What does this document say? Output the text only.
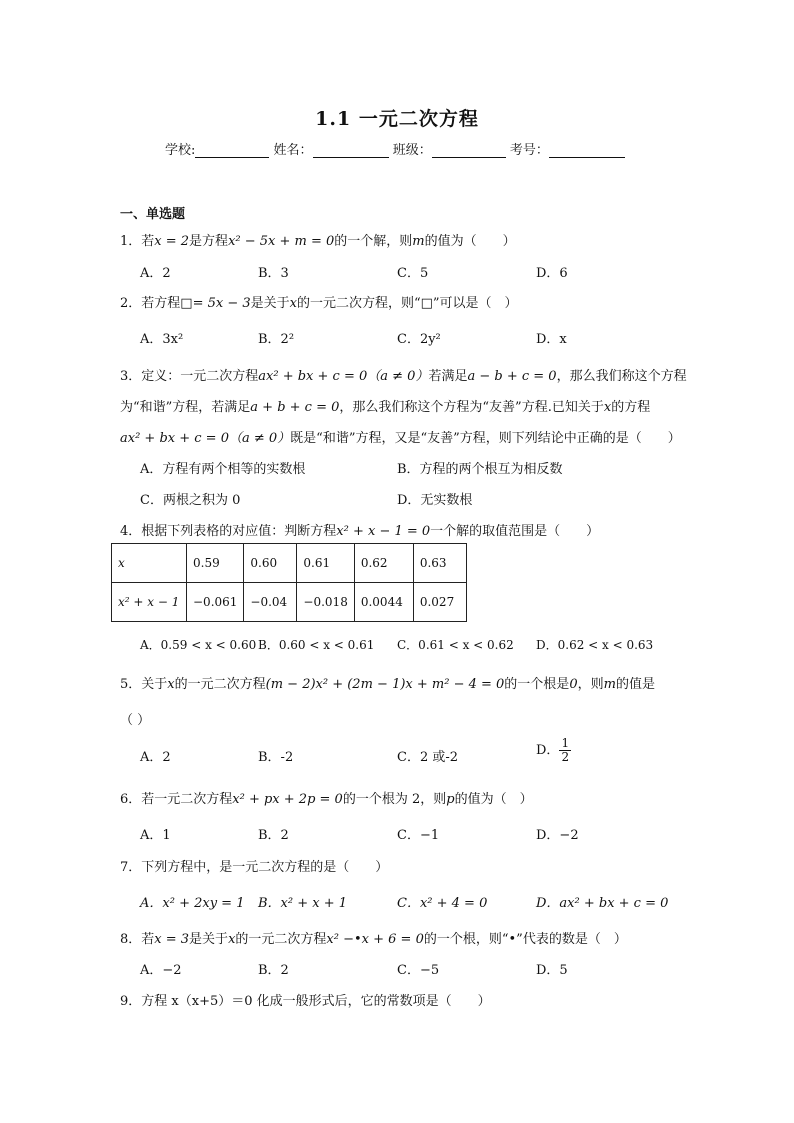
1.1 一元二次方程
学校:	姓名：	班级：	考号：
一、单选题
1．若x = 2是方程x² − 5x + m = 0的一个解，则m的值为（　　）
A．2	B．3	C．5	D．6
2．若方程□= 5x − 3是关于x的一元二次方程，则“□”可以是（　）
A．3x²	B．2²	C．2y²	D．x
3．定义：一元二次方程ax² + bx + c = 0（a ≠ 0）若满足a − b + c = 0，那么我们称这个方程
为“和谐”方程，若满足a + b + c = 0，那么我们称这个方程为“友善”方程.已知关于x的方程
ax² + bx + c = 0（a ≠ 0）既是“和谐”方程，又是“友善”方程，则下列结论中正确的是（　　）
A．方程有两个相等的实数根	B．方程的两个根互为相反数
C．两根之积为 0	D．无实数根
4．根据下列表格的对应值：判断方程x² + x − 1 = 0一个解的取值范围是（　　）
x	0.59	0.60	0.61	0.62	0.63
x² + x − 1	−0.061	−0.04	−0.018	0.0044	0.027
A．0.59 < x < 0.60 B．0.60 < x < 0.61 C．0.61 < x < 0.62 D．0.62 < x < 0.63
5．关于x的一元二次方程(m − 2)x² + (2m − 1)x + m² − 4 = 0的一个根是0，则m的值是
（ ）
A．2	B．-2	C．2 或-2	D． $\frac{1}{2}$
6．若一元二次方程x² + px + 2p = 0的一个根为 2，则p的值为（　）
A．1	B．2	C．−1	D．−2
7．下列方程中，是一元二次方程的是（　　）
A．x² + 2xy = 1 B．x² + x + 1	C．x² + 4 = 0	D．ax² + bx + c = 0
8．若x = 3是关于x的一元二次方程x² −•x + 6 = 0的一个根，则“•”代表的数是（　）
A．−2	B．2	C．−5	D．5
9．方程 x（x+5）＝0 化成一般形式后，它的常数项是（　　）
